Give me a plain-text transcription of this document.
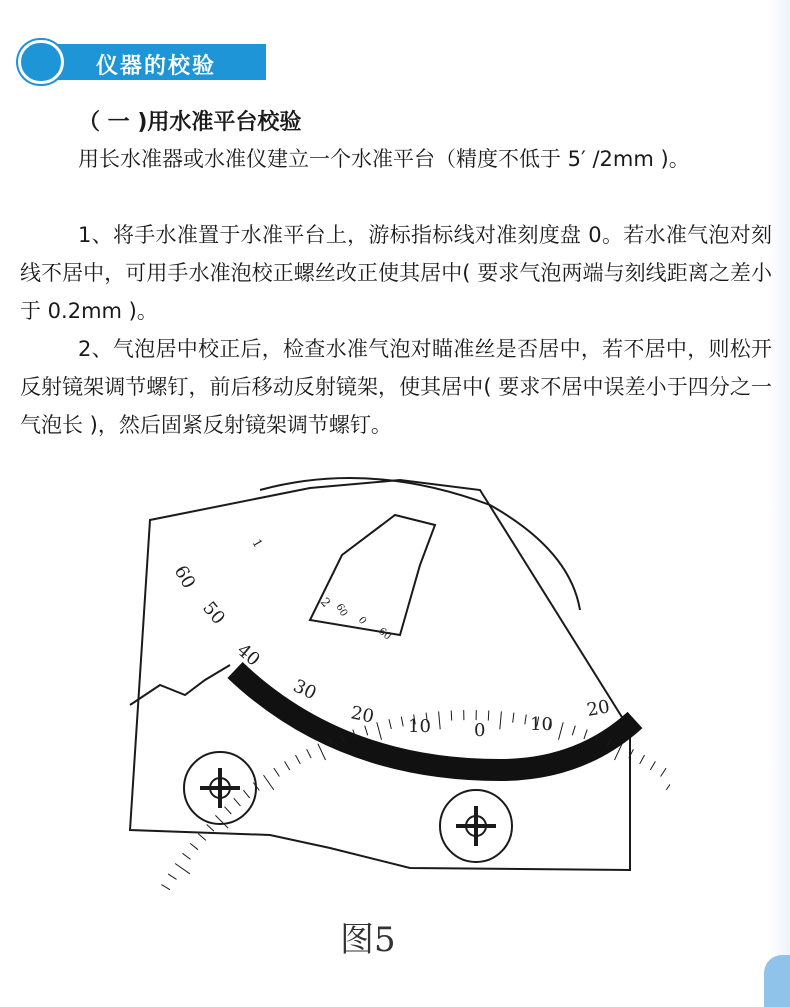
仪器的校验
（ 一 )用水准平台校验

用长水准器或水准仪建立一个水准平台（精度不低于 5′ /2mm )。

1、将手水准置于水准平台上，游标指标线对准刻度盘 0。若水准气泡对刻线不居中，可用手水准泡校正螺丝改正使其居中( 要求气泡两端与刻线距离之差小于 0.2mm )。

2、气泡居中校正后，检查水准气泡对瞄准丝是否居中，若不居中，则松开反射镜架调节螺钉，前后移动反射镜架，使其居中( 要求不居中误差小于四分之一气泡长 )，然后固紧反射镜架调节螺钉。

60
50
40
30
20 10 0 10
20
1
2 60
0
60
图5
